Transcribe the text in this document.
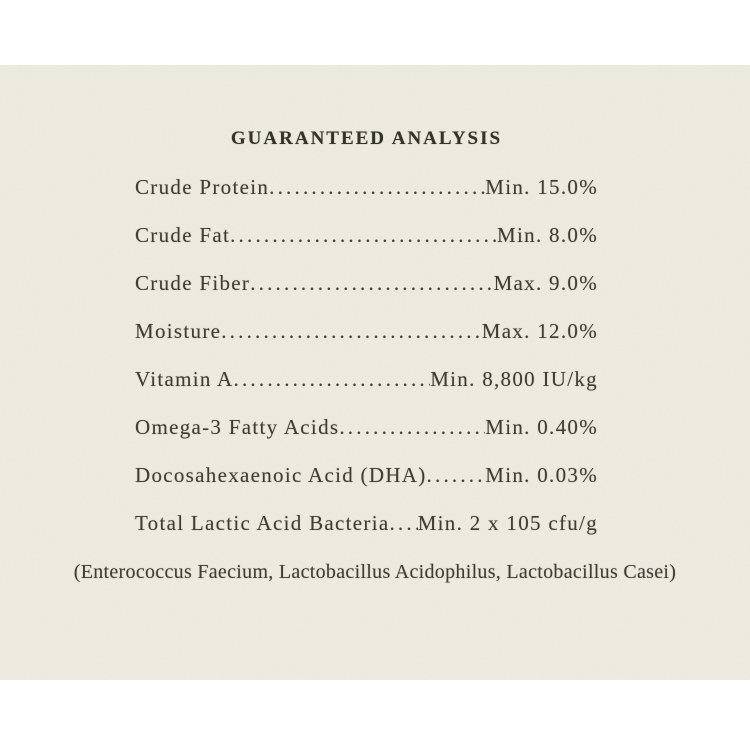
GUARANTEED ANALYSIS
Crude Protein .....	Min. 15.0%
Crude Fat .....	Min. 8.0%
Crude Fiber .....	Max. 9.0%
Moisture .....	Max. 12.0%
Vitamin A .....	Min. 8,800 IU/kg
Omega-3 Fatty Acids .....	Min. 0.40%
Docosahexaenoic Acid (DHA) .....	Min. 0.03%
Total Lactic Acid Bacteria ..... Min. 2 x 105 cfu/g

(Enterococcus Faecium, Lactobacillus Acidophilus, Lactobacillus Casei)
